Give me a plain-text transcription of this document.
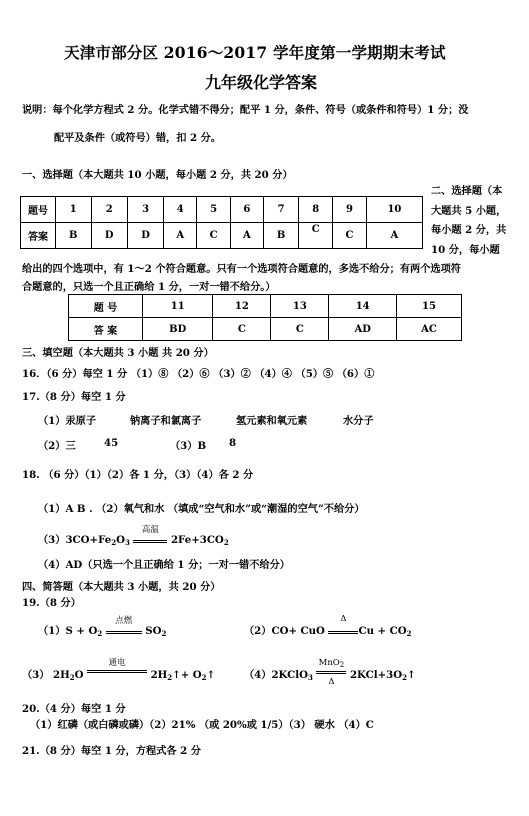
天津市部分区 2016～2017 学年度第一学期期末考试
九年级化学答案
说明：每个化学方程式 2 分。化学式错不得分；配平 1 分，条件、符号（或条件和符号）1 分；没
配平及条件（或符号）错，扣 2 分。
一、选择题（本大题共 10 小题，每小题 2 分，共 20 分）
题号	1	2	3	4	5	6	7	8	9	10
答案	B	D	D	A	C	A	B	C	C	A
二、选择题（本
大题共 5 小题，
每小题 2 分，共
10 分，每小题
给出的四个选项中，有 1～2 个符合题意。只有一个选项符合题意的，多选不给分；有两个选项符
合题意的，只选一个且正确给 1 分，一对一错不给分。）
题 号	11	12	13	14	15
答 案	BD	C	C	AD	AC
三、填空题（本大题共 3 小题 共 20 分）
16．（6 分）每空 1 分 （1）⑧ （2）⑥ （3）② （4）④ （5）⑤ （6）①
17.（8 分）每空 1 分
（1）汞原子	钠离子和氯离子	氢元素和氧元素	水分子
（2）三	45	（3）B 8
18. （6 分）（1）（2）各 1 分，（3）（4）各 2 分
（1）A B . （2）氧气和水 （填成“空气和水”或“潮湿的空气”不给分）
$(3)3CO+Fe_2O_3$
高温
$2Fe+3CO_2$
（4）AD（只选一个且正确给 1 分；一对一错不给分）
四、简答题（本大题共 3 小题，共 20 分）
19.（8 分）
$(1)S + O_2$
点燃
$SO_2$	（2）CO+ CuO
Δ
$Cu + CO_2$
（3） $2H_2O$
通电
$2H_2↑+$ $O_2↑$	（4）2KClO$_3$
MnO$_2$
Δ
$2KCl+3O_2↑$
20.（4 分）每空 1 分
（1）红磷（或白磷或磷）（2）21% （或 20%或 1/5）（3） 硬水 （4）C
21.（8 分）每空 1 分，方程式各 2 分
